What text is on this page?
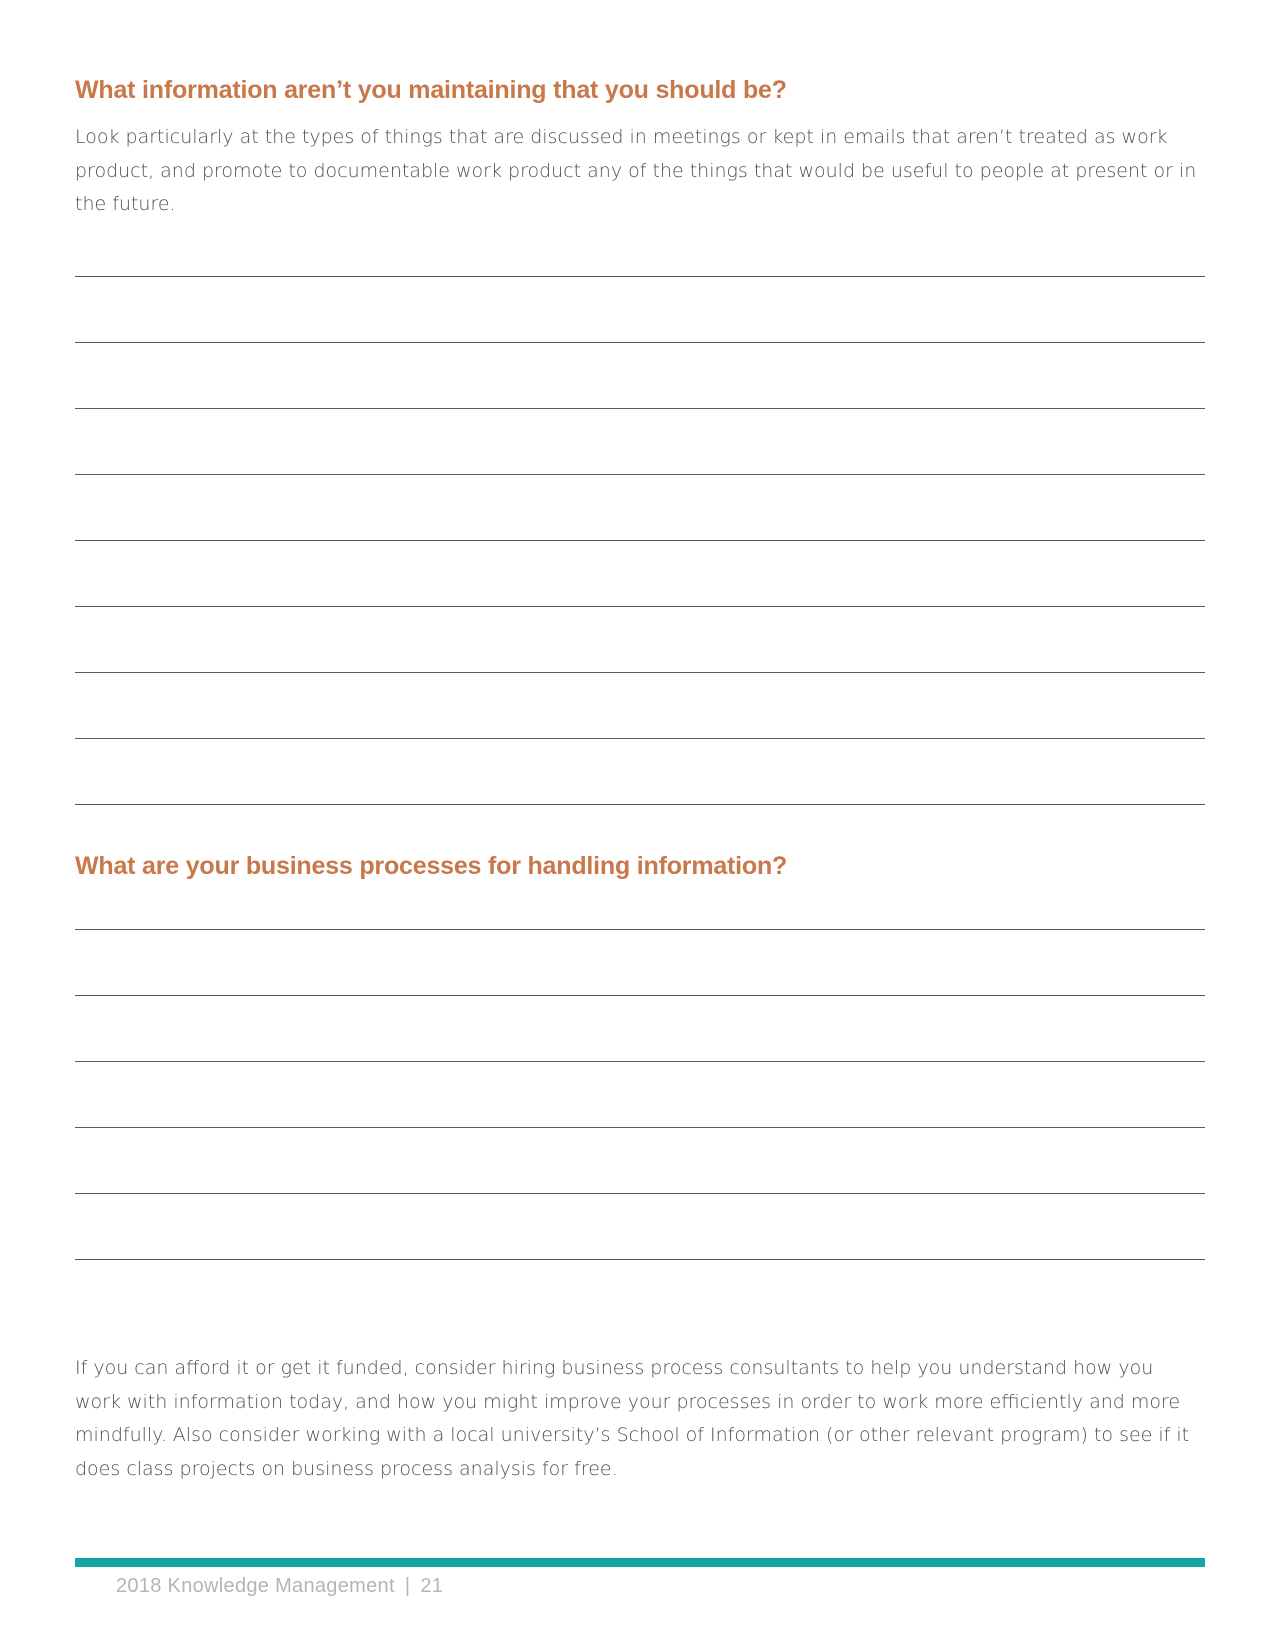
What information aren’t you maintaining that you should be?

Look particularly at the types of things that are discussed in meetings or kept in emails that aren’t treated as work product, and promote to documentable work product any of the things that would be useful to people at present or in the future.

What are your business processes for handling information?

If you can afford it or get it funded, consider hiring business process consultants to help you understand how you work with information today, and how you might improve your processes in order to work more efficiently and more mindfully. Also consider working with a local university’s School of Information (or other relevant program) to see if it does class projects on business process analysis for free.

2018 Knowledge Management | 21
